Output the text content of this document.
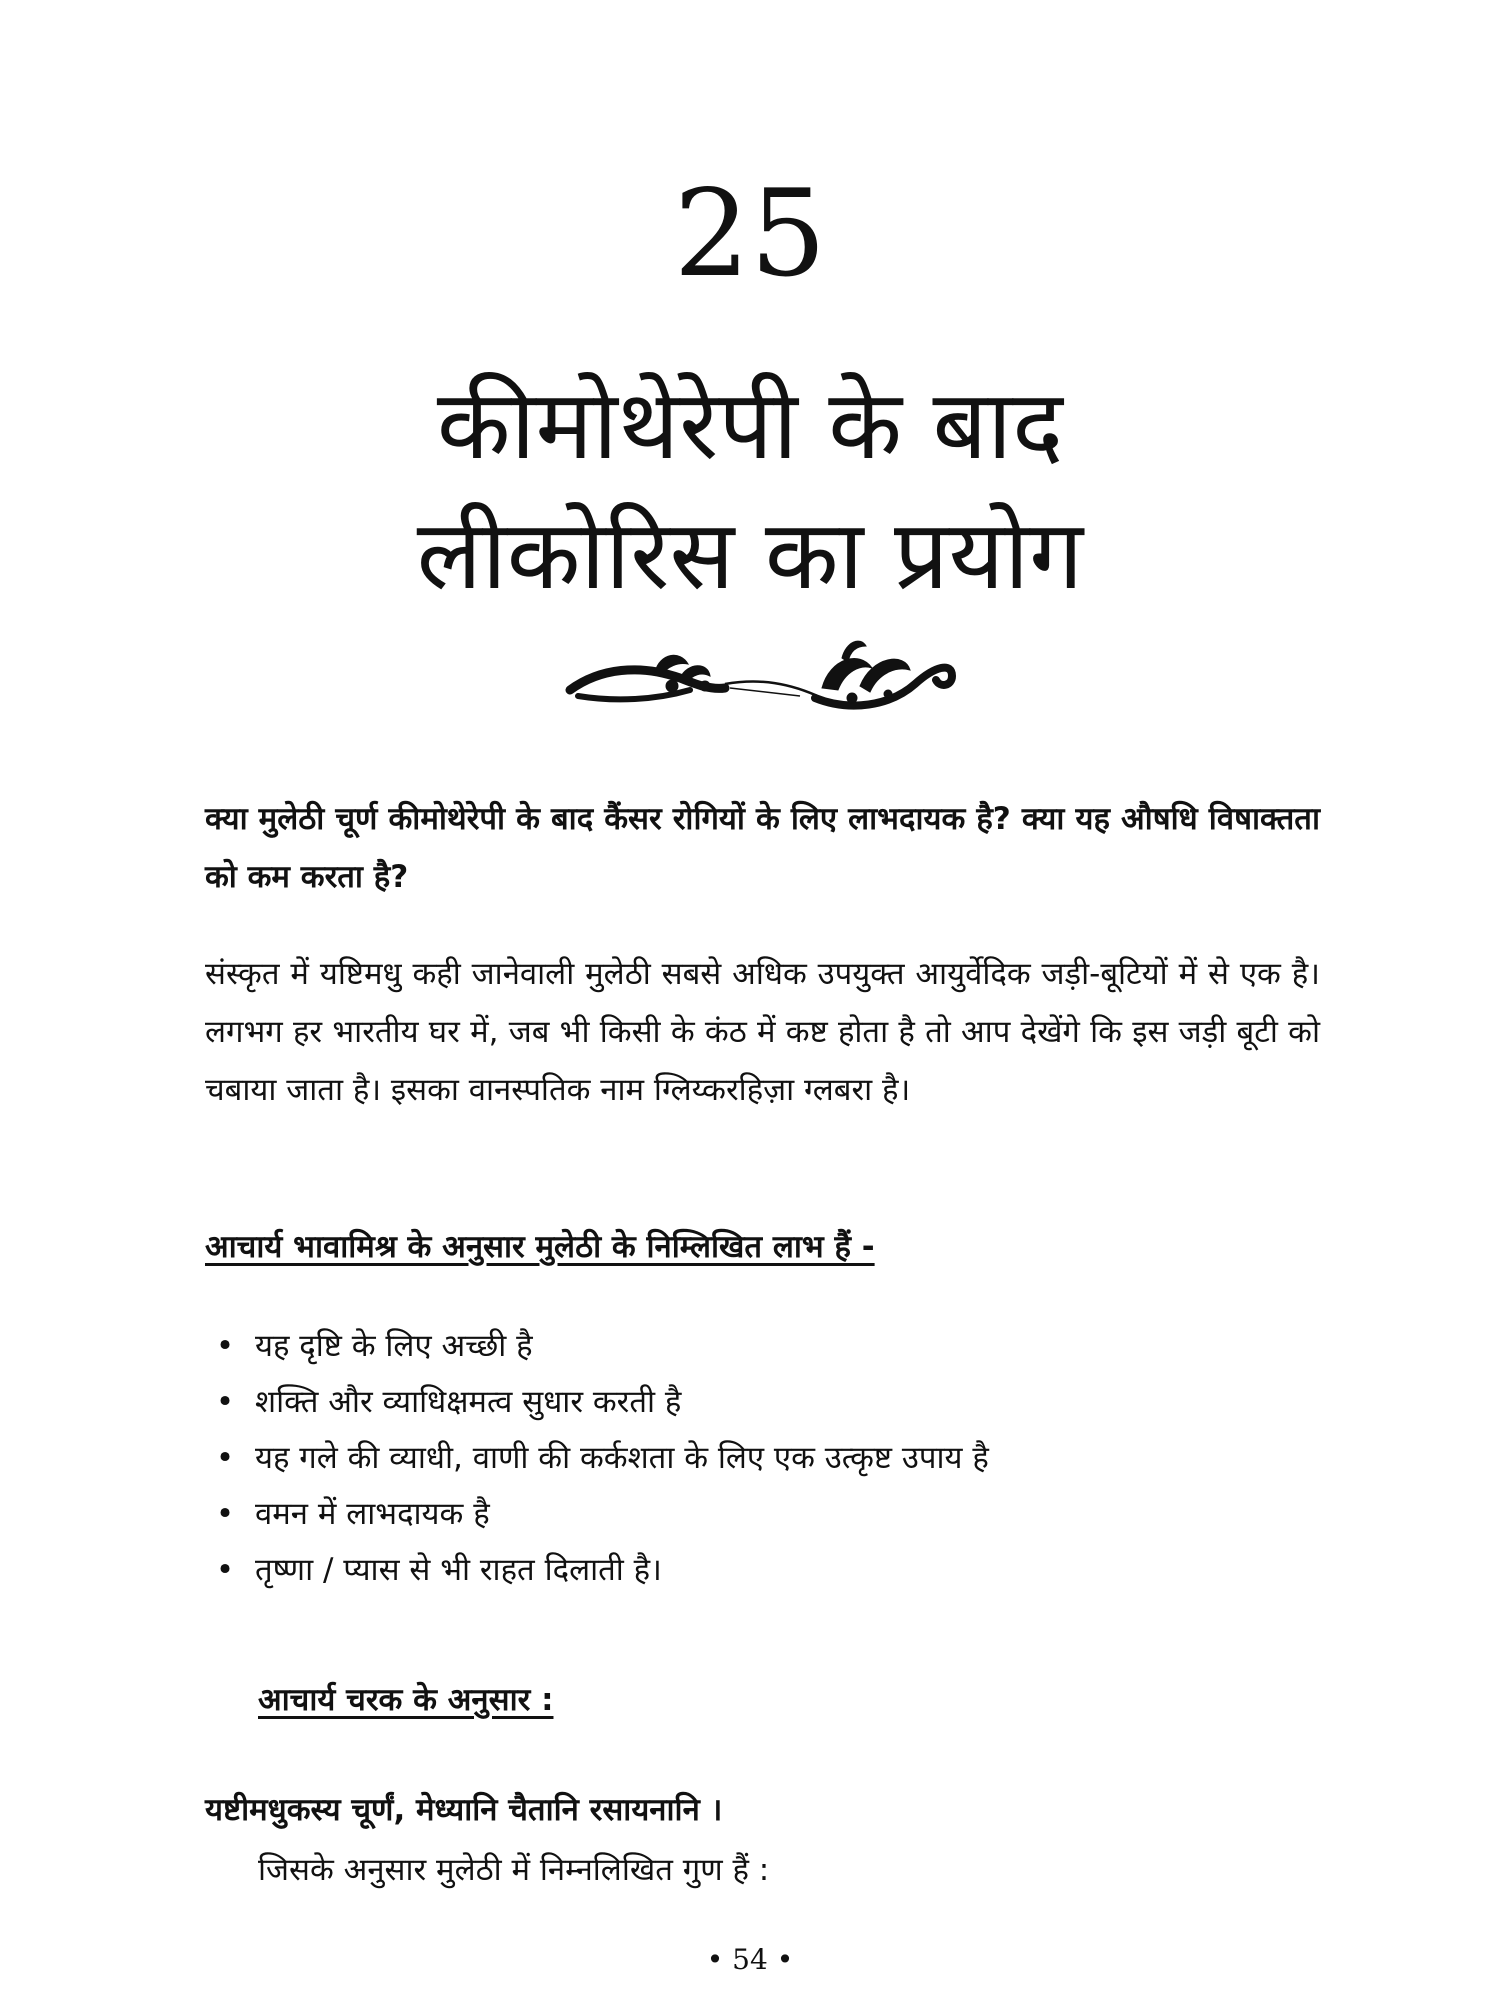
25
कीमोथेरेपी के बाद
लीकोरिस का प्रयोग
क्या मुलेठी चूर्ण कीमोथेरेपी के बाद कैंसर रोगियों के लिए लाभदायक है? क्या यह औषधि विषाक्तता को कम करता है?
संस्कृत में यष्टिमधु कही जानेवाली मुलेठी सबसे अधिक उपयुक्त आयुर्वेदिक जड़ी-बूटियों में से एक है। लगभग हर भारतीय घर में, जब भी किसी के कंठ में कष्ट होता है तो आप देखेंगे कि इस जड़ी बूटी को चबाया जाता है। इसका वानस्पतिक नाम ग्लिय्करहिज़ा ग्लबरा है।
आचार्य भावामिश्र के अनुसार मुलेठी के निम्लिखित लाभ हैं -
• यह दृष्टि के लिए अच्छी है
• शक्ति और व्याधिक्षमत्व सुधार करती है
• यह गले की व्याधी, वाणी की कर्कशता के लिए एक उत्कृष्ट उपाय है
• वमन में लाभदायक है
• तृष्णा / प्यास से भी राहत दिलाती है।
आचार्य चरक के अनुसार :
यष्टीमधुकस्य चूर्णं, मेध्यानि चैतानि रसायनानि ।
जिसके अनुसार मुलेठी में निम्नलिखित गुण हैं :
• 54 •
